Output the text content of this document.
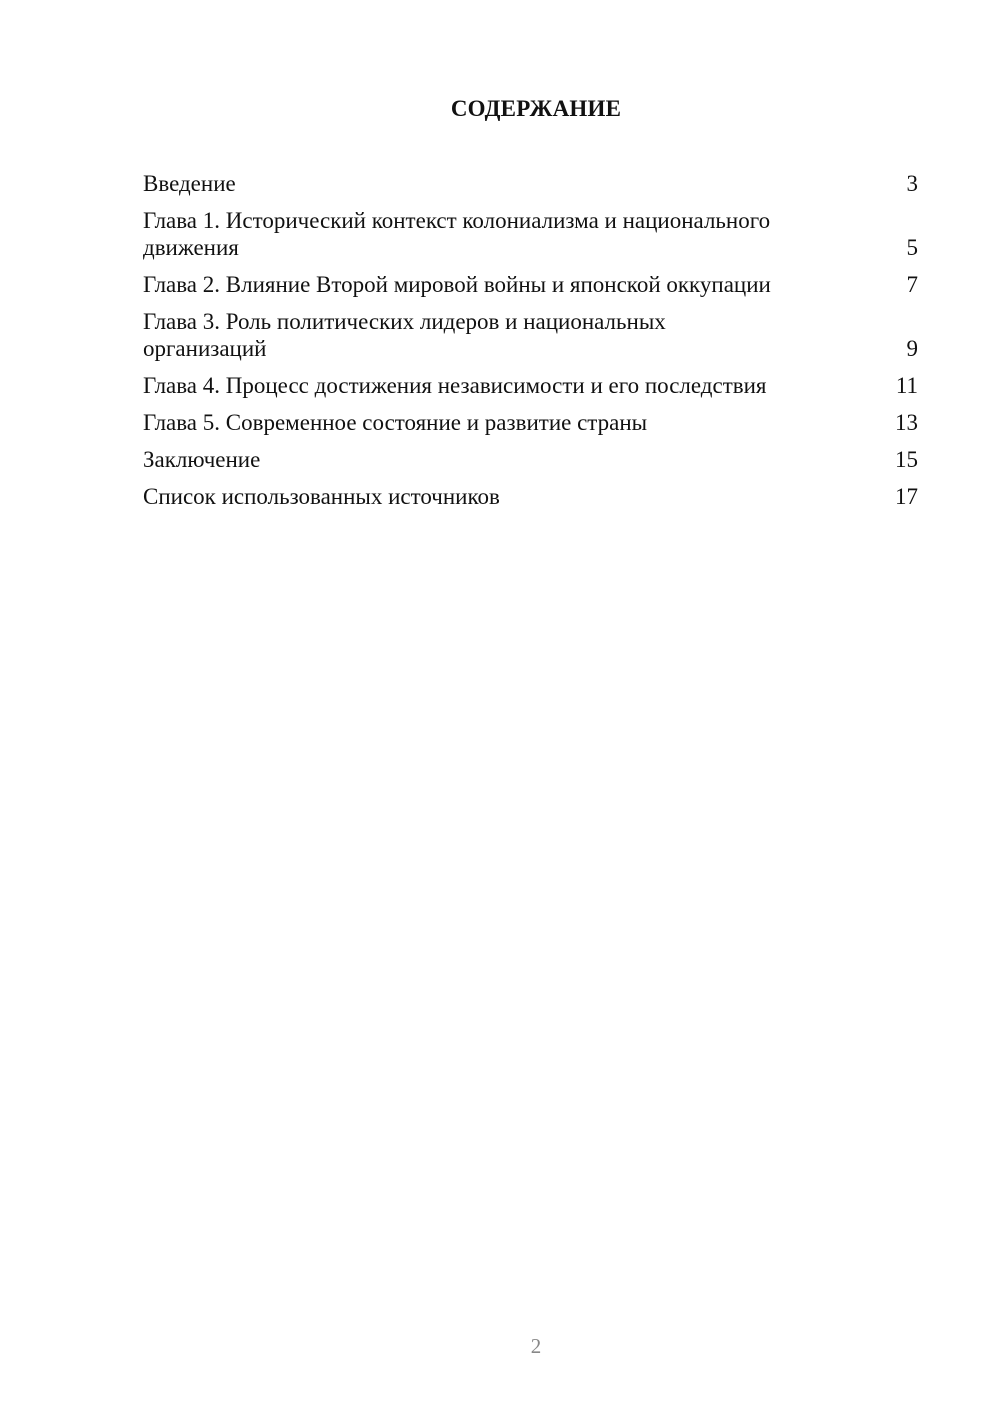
СОДЕРЖАНИЕ
Введение	3
Глава 1. Исторический контекст колониализма и национального движения	5
Глава 2. Влияние Второй мировой войны и японской оккупации	7
Глава 3. Роль политических лидеров и национальных организаций	9
Глава 4. Процесс достижения независимости и его последствия	11
Глава 5. Современное состояние и развитие страны	13
Заключение	15
Список использованных источников	17
2
